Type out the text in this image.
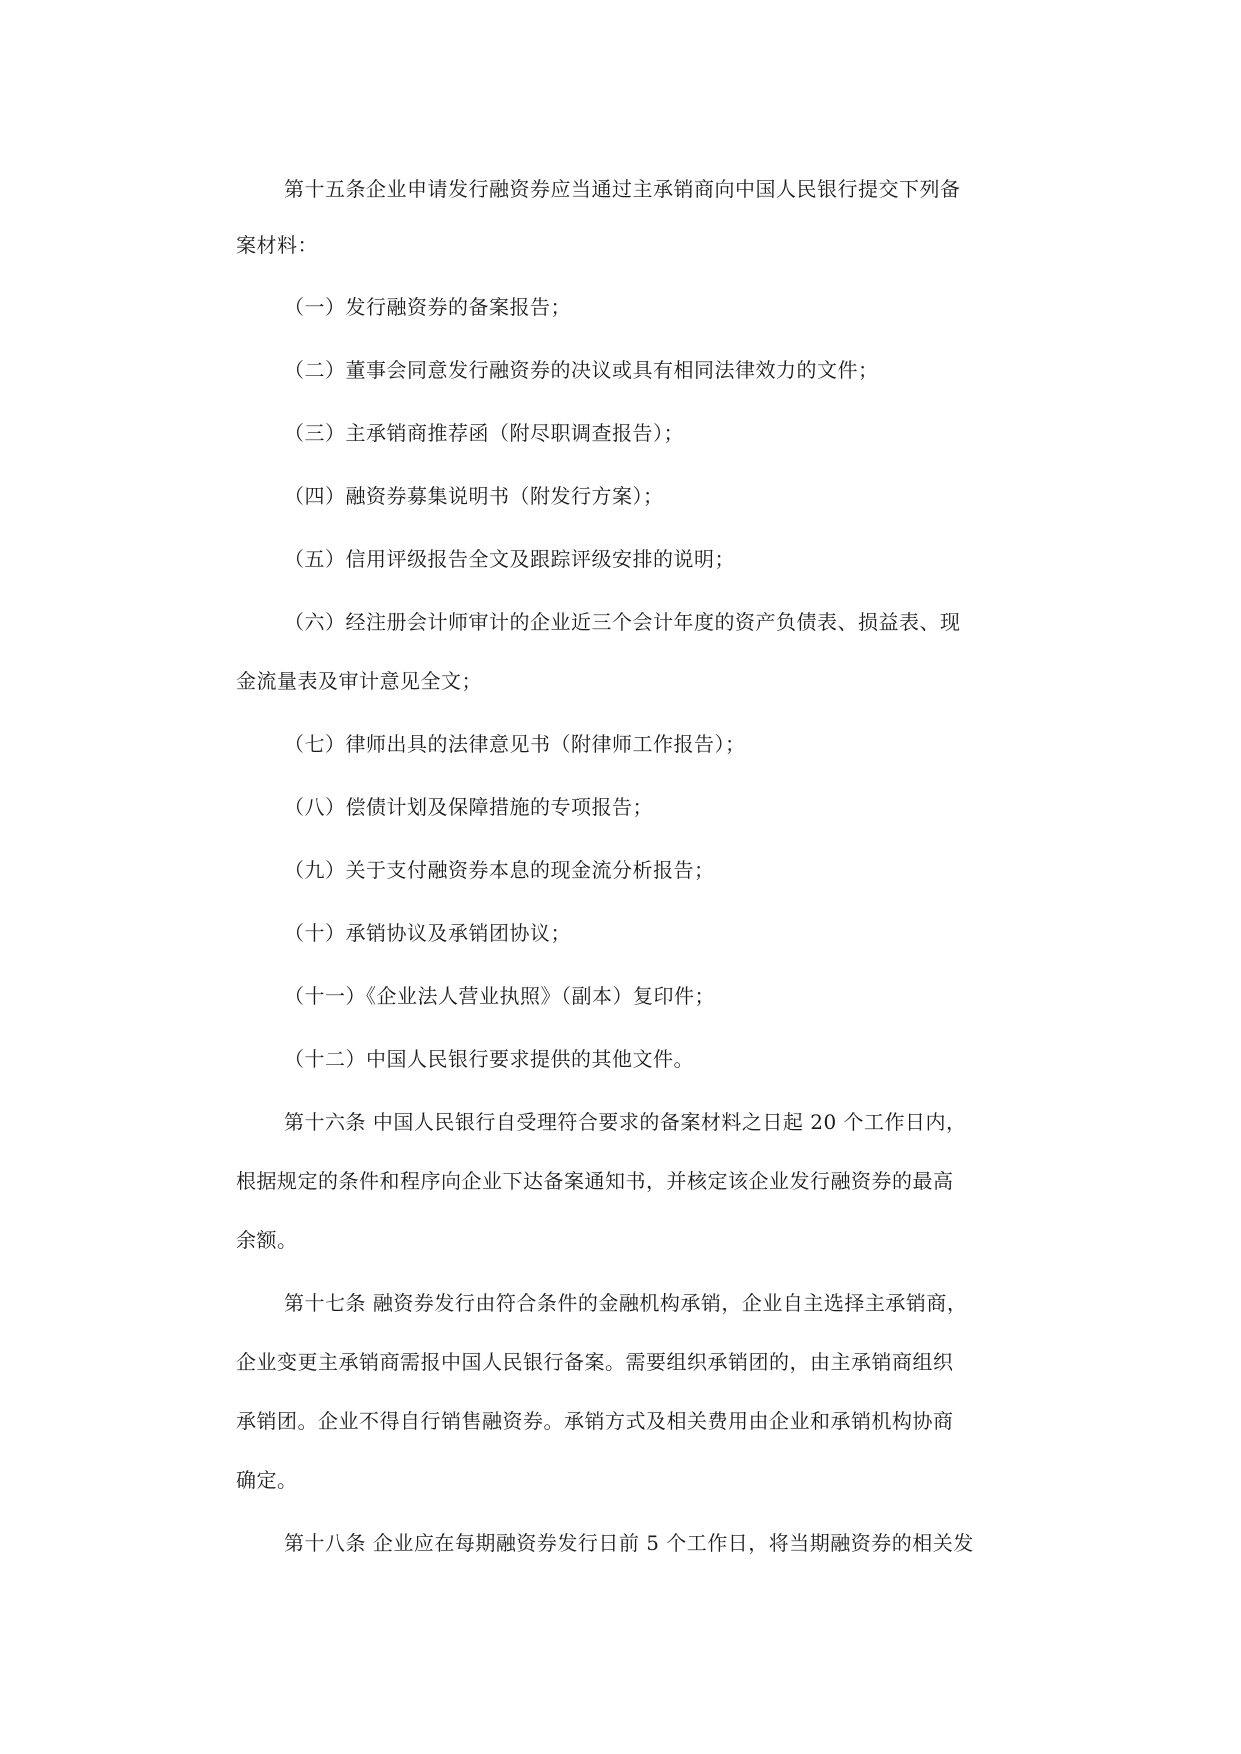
第十五条企业申请发行融资券应当通过主承销商向中国人民银行提交下列备
案材料：
（一）发行融资券的备案报告；
（二）董事会同意发行融资券的决议或具有相同法律效力的文件；
（三）主承销商推荐函（附尽职调查报告）；
（四）融资券募集说明书（附发行方案）；
（五）信用评级报告全文及跟踪评级安排的说明；
（六）经注册会计师审计的企业近三个会计年度的资产负债表、损益表、现
金流量表及审计意见全文；
（七）律师出具的法律意见书（附律师工作报告）；
（八）偿债计划及保障措施的专项报告；
（九）关于支付融资券本息的现金流分析报告；
（十）承销协议及承销团协议；
（十一）《企业法人营业执照》（副本）复印件；
（十二）中国人民银行要求提供的其他文件。
第十六条 中国人民银行自受理符合要求的备案材料之日起 20 个工作日内，
根据规定的条件和程序向企业下达备案通知书，并核定该企业发行融资券的最高
余额。
第十七条 融资券发行由符合条件的金融机构承销，企业自主选择主承销商，
企业变更主承销商需报中国人民银行备案。需要组织承销团的，由主承销商组织
承销团。企业不得自行销售融资券。承销方式及相关费用由企业和承销机构协商
确定。
第十八条 企业应在每期融资券发行日前 5 个工作日，将当期融资券的相关发
